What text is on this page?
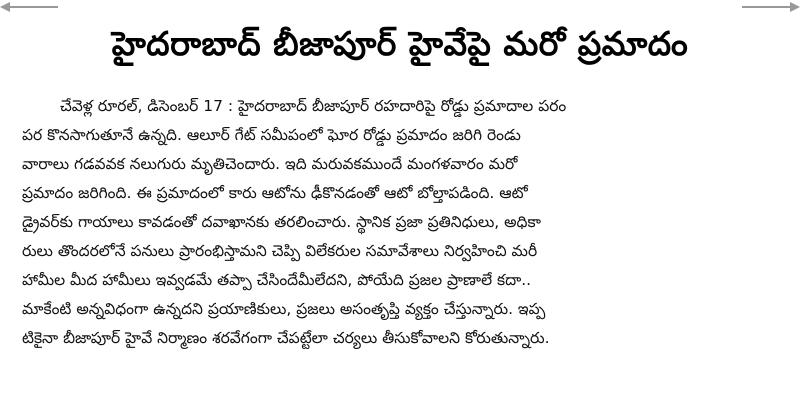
హైదరాబాద్ బీజాపూర్ హైవేపై మరో ప్రమాదం
చేవెళ్ల రూరల్, డిసెంబర్ 17 : హైదరాబాద్ బీజాపూర్ రహదారిపై రోడ్డు ప్రమాదాల పరం
పర కొనసాగుతూనే ఉన్నది. ఆలూర్ గేట్ సమీపంలో ఘోర రోడ్డు ప్రమాదం జరిగి రెండు
వారాలు గడవవక నలుగురు మృతిచెందారు. ఇది మరువకముందే మంగళవారం మరో
ప్రమాదం జరిగింది. ఈ ప్రమాదంలో కారు ఆటోను ఢీకొనడంతో ఆటో బోల్తాపడింది. ఆటో
డ్రైవర్‌కు గాయాలు కావడంతో దవాఖానకు తరలించారు. స్థానిక ప్రజా ప్రతినిధులు, అధికా
రులు తొందరలోనే పనులు ప్రారంభిస్తామని చెప్పి విలేకరుల సమావేశాలు నిర్వహించి మరీ
హామీల మీద హామీలు ఇవ్వడమే తప్పా చేసిందేమీలేదని, పోయేది ప్రజల ప్రాణాలే కదా..
మాకేంటి అన్నవిధంగా ఉన్నదని ప్రయాణికులు, ప్రజలు అసంతృప్తి వ్యక్తం చేస్తున్నారు. ఇప్ప
టికైనా బీజాపూర్ హైవే నిర్మాణం శరవేగంగా చేపట్టేలా చర్యలు తీసుకోవాలని కోరుతున్నారు.
